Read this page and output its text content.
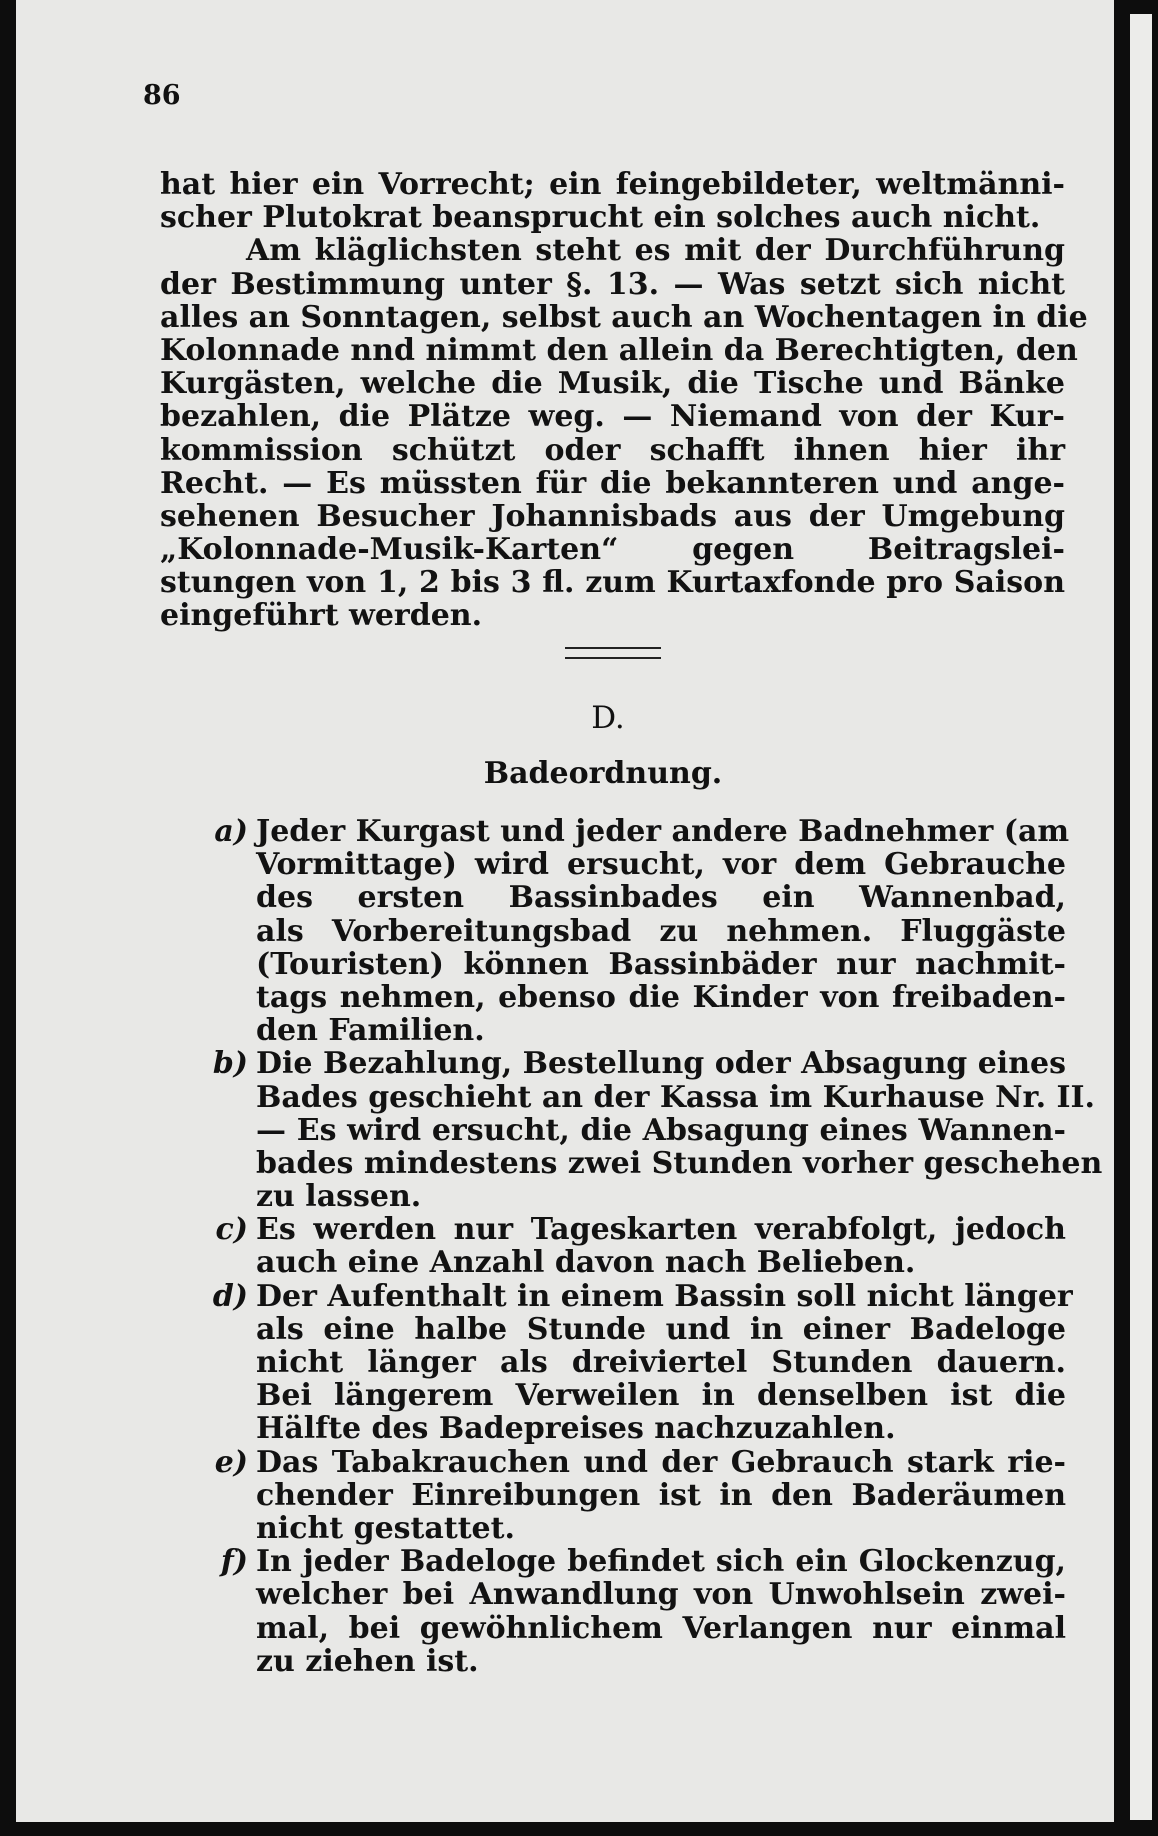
86
hat hier ein Vorrecht; ein feingebildeter, weltmänni-
scher Plutokrat beansprucht ein solches auch nicht.
Am kläglichsten steht es mit der Durchführung
der Bestimmung unter §. 13. — Was setzt sich nicht
alles an Sonntagen, selbst auch an Wochentagen in die
Kolonnade nnd nimmt den allein da Berechtigten, den
Kurgästen, welche die Musik, die Tische und Bänke
bezahlen, die Plätze weg. — Niemand von der Kur-
kommission schützt oder schafft ihnen hier ihr
Recht. — Es müssten für die bekannteren und ange-
sehenen Besucher Johannisbads aus der Umgebung
„Kolonnade-Musik-Karten“ gegen Beitragslei-
stungen von 1, 2 bis 3 fl. zum Kurtaxfonde pro Saison
eingeführt werden.
D.
Badeordnung.
a) Jeder Kurgast und jeder andere Badnehmer (am
Vormittage) wird ersucht, vor dem Gebrauche
des ersten Bassinbades ein Wannenbad,
als Vorbereitungsbad zu nehmen. Fluggäste
(Touristen) können Bassinbäder nur nachmit-
tags nehmen, ebenso die Kinder von freibaden-
den Familien.
b) Die Bezahlung, Bestellung oder Absagung eines
Bades geschieht an der Kassa im Kurhause Nr. II.
— Es wird ersucht, die Absagung eines Wannen-
bades mindestens zwei Stunden vorher geschehen
zu lassen.
c) Es werden nur Tageskarten verabfolgt, jedoch
auch eine Anzahl davon nach Belieben.
d) Der Aufenthalt in einem Bassin soll nicht länger
als eine halbe Stunde und in einer Badeloge
nicht länger als dreiviertel Stunden dauern.
Bei längerem Verweilen in denselben ist die
Hälfte des Badepreises nachzuzahlen.
e) Das Tabakrauchen und der Gebrauch stark rie-
chender Einreibungen ist in den Baderäumen
nicht gestattet.
f) In jeder Badeloge befindet sich ein Glockenzug,
welcher bei Anwandlung von Unwohlsein zwei-
mal, bei gewöhnlichem Verlangen nur einmal
zu ziehen ist.
